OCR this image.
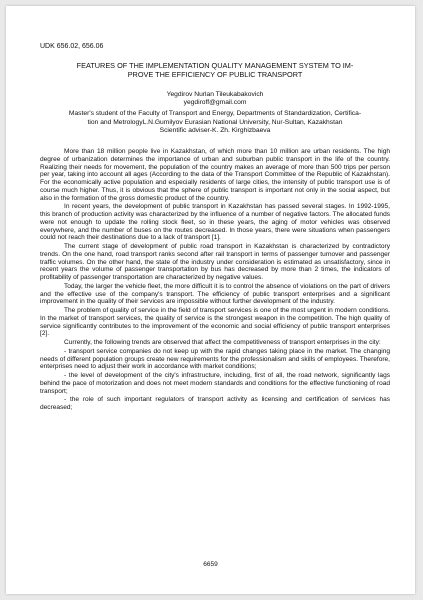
UDK 656.02, 656.06
FEATURES OF THE IMPLEMENTATION QUALITY MANAGEMENT SYSTEM TO IM-
PROVE THE EFFICIENCY OF PUBLIC TRANSPORT
Yegdirov Nurlan Tileukabakovich
yegdiroff@gmail.com
Master's student of the Faculty of Transport and Energy, Departments of Standardization, Certifica-
tion and MetrologyL.N.Gumilyov Eurasian National University, Nur-Sultan, Kazakhstan
Scientific adviser-K. Zh. Kirghizbaeva

More than 18 million people live in Kazakhstan, of which more than 10 million are urban residents. The high degree of urbanization determines the importance of urban and suburban public transport in the life of the country. Realizing their needs for movement, the population of the country makes an average of more than 500 trips per person per year, taking into account all ages (According to the data of the Transport Committee of the Republic of Kazakhstan). For the economically active population and especially residents of large cities, the intensity of public transport use is of course much higher. Thus, it is obvious that the sphere of public transport is important not only in the social aspect, but also in the formation of the gross domestic product of the country.

In recent years, the development of public transport in Kazakhstan has passed several stages. In 1992-1995, this branch of production activity was characterized by the influence of a number of negative factors. The allocated funds were not enough to update the rolling stock fleet, so in these years, the aging of motor vehicles was observed everywhere, and the number of buses on the routes decreased. In those years, there were situations when passengers could not reach their destinations due to a lack of transport [1].

The current stage of development of public road transport in Kazakhstan is characterized by contradictory trends. On the one hand, road transport ranks second after rail transport in terms of passenger turnover and passenger traffic volumes. On the other hand, the state of the industry under consideration is estimated as unsatisfactory, since in recent years the volume of passenger transportation by bus has decreased by more than 2 times, the indicators of profitability of passenger transportation are characterized by negative values.

Today, the larger the vehicle fleet, the more difficult it is to control the absence of violations on the part of drivers and the effective use of the company's transport. The efficiency of public transport enterprises and a significant improvement in the quality of their services are impossible without further development of the industry.

The problem of quality of service in the field of transport services is one of the most urgent in modern conditions. In the market of transport services, the quality of service is the strongest weapon in the competition. The high quality of service significantly contributes to the improvement of the economic and social efficiency of public transport enterprises [2].

Currently, the following trends are observed that affect the competitiveness of transport enterprises in the city:

- transport service companies do not keep up with the rapid changes taking place in the market. The changing needs of different population groups create new requirements for the professionalism and skills of employees. Therefore, enterprises need to adjust their work in accordance with market conditions;

- the level of development of the city's infrastructure, including, first of all, the road network, significantly lags behind the pace of motorization and does not meet modern standards and conditions for the effective functioning of road transport;

- the role of such important regulators of transport activity as licensing and certification of services has decreased;

6659
